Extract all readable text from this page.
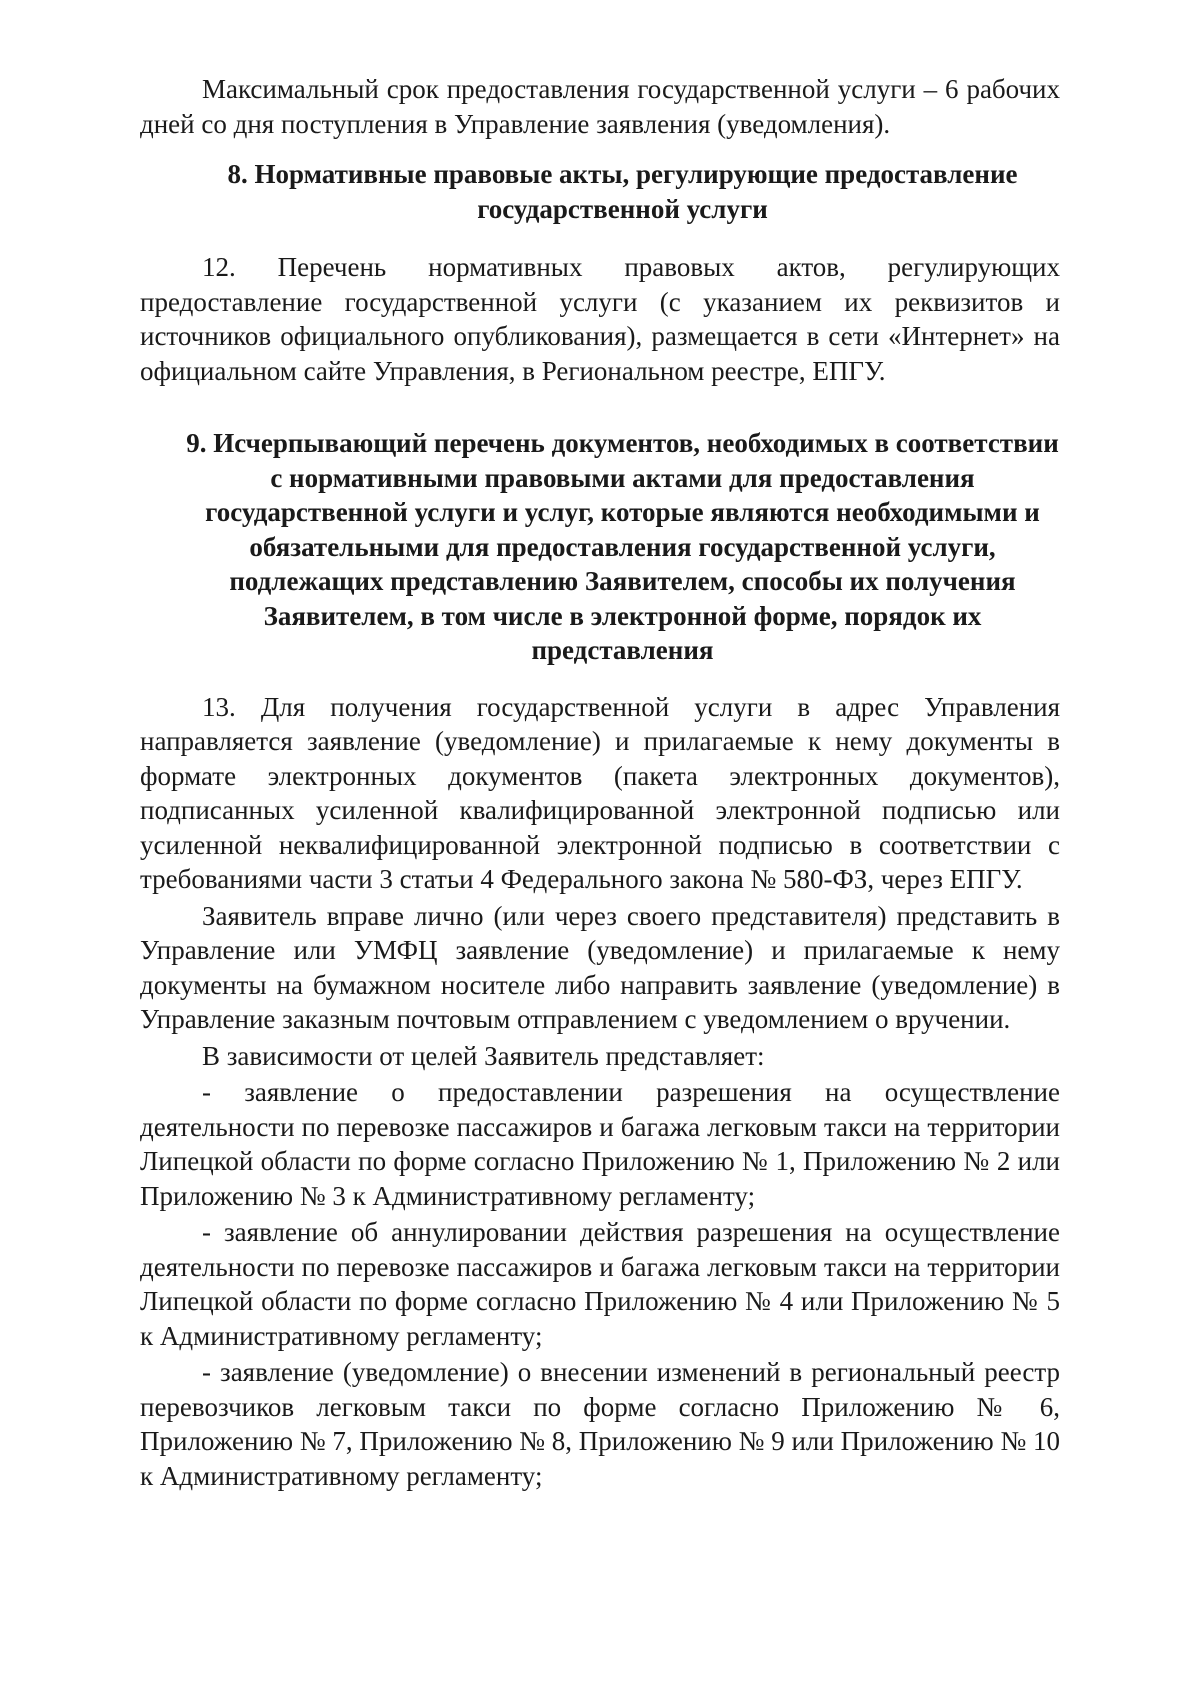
Максимальный срок предоставления государственной услуги – 6 рабочих дней со дня поступления в Управление заявления (уведомления).

8. Нормативные правовые акты, регулирующие предоставление государственной услуги

12. Перечень нормативных правовых актов, регулирующих предоставление государственной услуги (с указанием их реквизитов и источников официального опубликования), размещается в сети «Интернет» на официальном сайте Управления, в Региональном реестре, ЕПГУ.

9. Исчерпывающий перечень документов, необходимых в соответствии с нормативными правовыми актами для предоставления государственной услуги и услуг, которые являются необходимыми и обязательными для предоставления государственной услуги, подлежащих представлению Заявителем, способы их получения Заявителем, в том числе в электронной форме, порядок их представления

13. Для получения государственной услуги в адрес Управления направляется заявление (уведомление) и прилагаемые к нему документы в формате электронных документов (пакета электронных документов), подписанных усиленной квалифицированной электронной подписью или усиленной неквалифицированной электронной подписью в соответствии с требованиями части 3 статьи 4 Федерального закона № 580-ФЗ, через ЕПГУ.

Заявитель вправе лично (или через своего представителя) представить в Управление или УМФЦ заявление (уведомление) и прилагаемые к нему документы на бумажном носителе либо направить заявление (уведомление) в Управление заказным почтовым отправлением с уведомлением о вручении.

В зависимости от целей Заявитель представляет:

- заявление о предоставлении разрешения на осуществление деятельности по перевозке пассажиров и багажа легковым такси на территории Липецкой области по форме согласно Приложению № 1, Приложению № 2 или Приложению № 3 к Административному регламенту;

- заявление об аннулировании действия разрешения на осуществление деятельности по перевозке пассажиров и багажа легковым такси на территории Липецкой области по форме согласно Приложению № 4 или Приложению № 5 к Административному регламенту;

- заявление (уведомление) о внесении изменений в региональный реестр перевозчиков легковым такси по форме согласно Приложению № 6, Приложению № 7, Приложению № 8, Приложению № 9 или Приложению № 10 к Административному регламенту;
